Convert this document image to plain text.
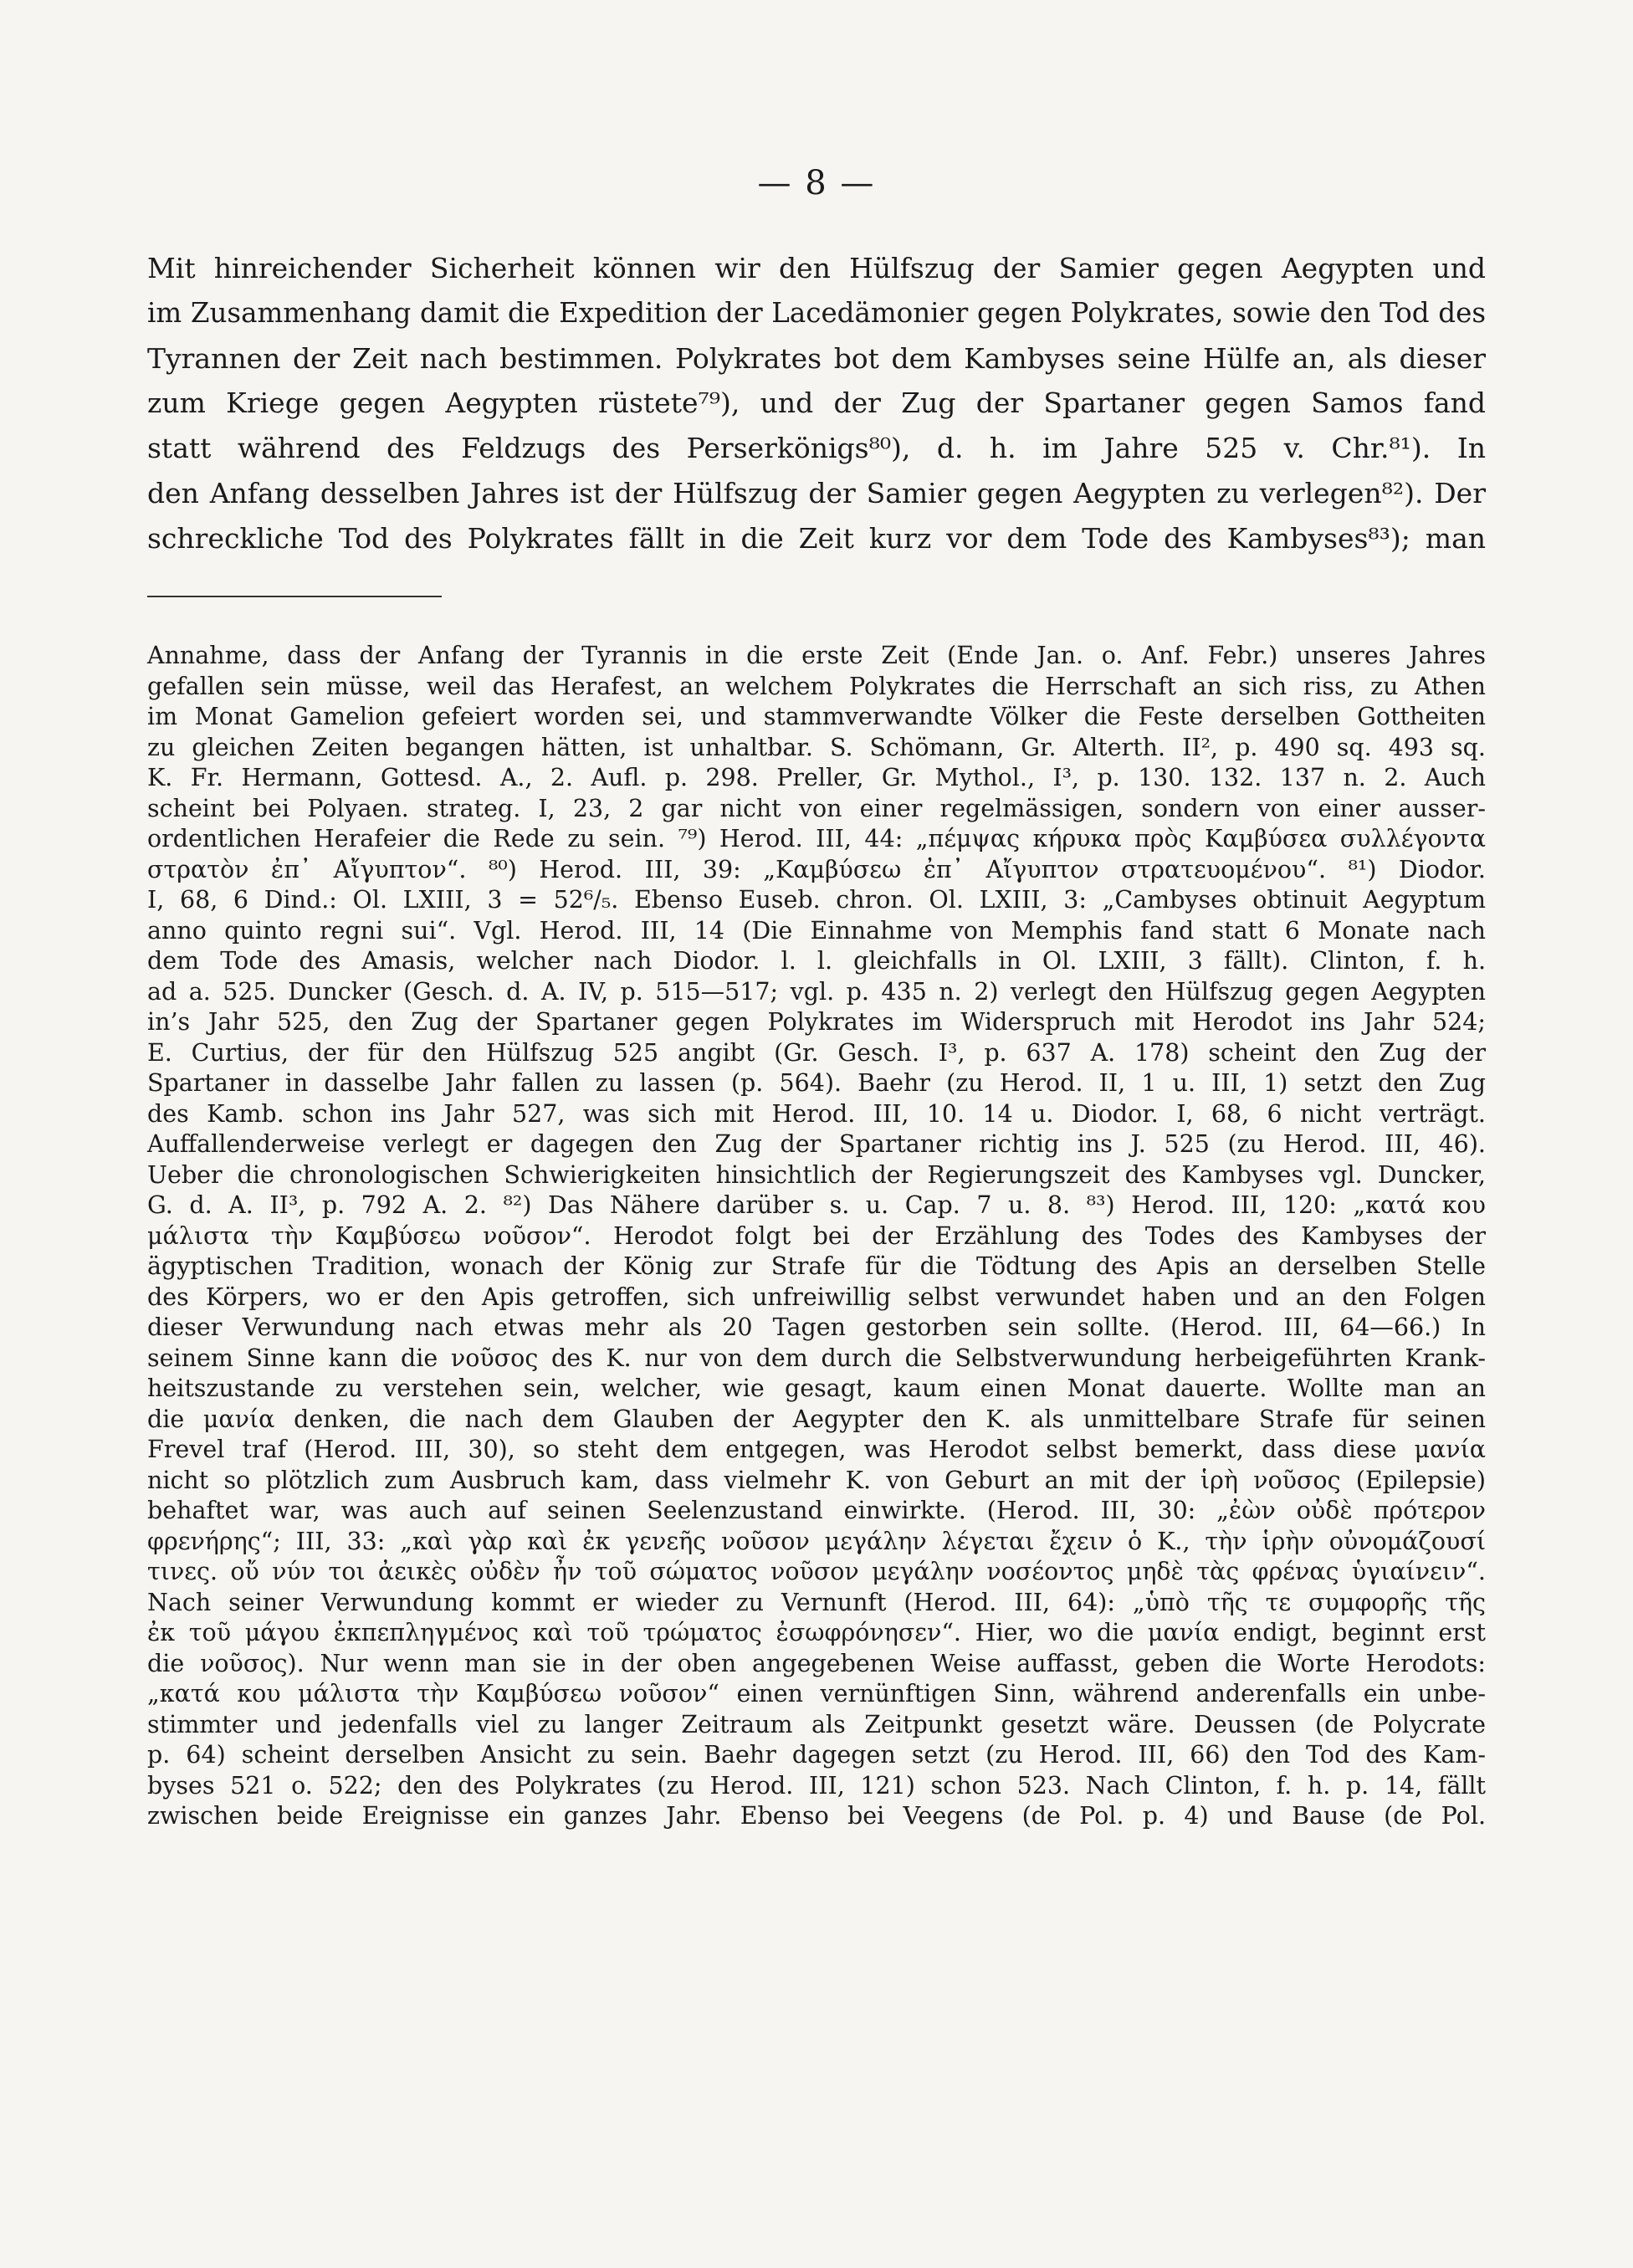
— 8 —
Mit hinreichender Sicherheit können wir den Hülfszug der Samier gegen Aegypten und
im Zusammenhang damit die Expedition der Lacedämonier gegen Polykrates, sowie den Tod des
Tyrannen der Zeit nach bestimmen. Polykrates bot dem Kambyses seine Hülfe an, als dieser
zum Kriege gegen Aegypten rüstete⁷⁹), und der Zug der Spartaner gegen Samos fand
statt während des Feldzugs des Perserkönigs⁸⁰), d. h. im Jahre 525 v. Chr.⁸¹). In
den Anfang desselben Jahres ist der Hülfszug der Samier gegen Aegypten zu verlegen⁸²). Der
schreckliche Tod des Polykrates fällt in die Zeit kurz vor dem Tode des Kambyses⁸³); man
Annahme, dass der Anfang der Tyrannis in die erste Zeit (Ende Jan. o. Anf. Febr.) unseres Jahres
gefallen sein müsse, weil das Herafest, an welchem Polykrates die Herrschaft an sich riss, zu Athen
im Monat Gamelion gefeiert worden sei, und stammverwandte Völker die Feste derselben Gottheiten
zu gleichen Zeiten begangen hätten, ist unhaltbar. S. Schömann, Gr. Alterth. II², p. 490 sq. 493 sq.
K. Fr. Hermann, Gottesd. A., 2. Aufl. p. 298. Preller, Gr. Mythol., I³, p. 130. 132. 137 n. 2. Auch
scheint bei Polyaen. strateg. I, 23, 2 gar nicht von einer regelmässigen, sondern von einer ausser-
ordentlichen Herafeier die Rede zu sein. ⁷⁹) Herod. III, 44: „πέμψας κήρυκα πρὸς Καμβύσεα συλλέγοντα
στρατὸν ἐπ᾽ Αἴγυπτον“. ⁸⁰) Herod. III, 39: „Καμβύσεω ἐπ᾽ Αἴγυπτον στρατευομένου“. ⁸¹) Diodor.
I, 68, 6 Dind.: Ol. LXIII, 3 = 52⁶/₅. Ebenso Euseb. chron. Ol. LXIII, 3: „Cambyses obtinuit Aegyptum
anno quinto regni sui“. Vgl. Herod. III, 14 (Die Einnahme von Memphis fand statt 6 Monate nach
dem Tode des Amasis, welcher nach Diodor. l. l. gleichfalls in Ol. LXIII, 3 fällt). Clinton, f. h.
ad a. 525. Duncker (Gesch. d. A. IV, p. 515—517; vgl. p. 435 n. 2) verlegt den Hülfszug gegen Aegypten
in’s Jahr 525, den Zug der Spartaner gegen Polykrates im Widerspruch mit Herodot ins Jahr 524;
E. Curtius, der für den Hülfszug 525 angibt (Gr. Gesch. I³, p. 637 A. 178) scheint den Zug der
Spartaner in dasselbe Jahr fallen zu lassen (p. 564). Baehr (zu Herod. II, 1 u. III, 1) setzt den Zug
des Kamb. schon ins Jahr 527, was sich mit Herod. III, 10. 14 u. Diodor. I, 68, 6 nicht verträgt.
Auffallenderweise verlegt er dagegen den Zug der Spartaner richtig ins J. 525 (zu Herod. III, 46).
Ueber die chronologischen Schwierigkeiten hinsichtlich der Regierungszeit des Kambyses vgl. Duncker,
G. d. A. II³, p. 792 A. 2. ⁸²) Das Nähere darüber s. u. Cap. 7 u. 8. ⁸³) Herod. III, 120: „κατά κου
μάλιστα τὴν Καμβύσεω νοῦσον“. Herodot folgt bei der Erzählung des Todes des Kambyses der
ägyptischen Tradition, wonach der König zur Strafe für die Tödtung des Apis an derselben Stelle
des Körpers, wo er den Apis getroffen, sich unfreiwillig selbst verwundet haben und an den Folgen
dieser Verwundung nach etwas mehr als 20 Tagen gestorben sein sollte. (Herod. III, 64—66.) In
seinem Sinne kann die νοῦσος des K. nur von dem durch die Selbstverwundung herbeigeführten Krank-
heitszustande zu verstehen sein, welcher, wie gesagt, kaum einen Monat dauerte. Wollte man an
die μανία denken, die nach dem Glauben der Aegypter den K. als unmittelbare Strafe für seinen
Frevel traf (Herod. III, 30), so steht dem entgegen, was Herodot selbst bemerkt, dass diese μανία
nicht so plötzlich zum Ausbruch kam, dass vielmehr K. von Geburt an mit der ἱρὴ νοῦσος (Epilepsie)
behaftet war, was auch auf seinen Seelenzustand einwirkte. (Herod. III, 30: „ἐὼν οὐδὲ πρότερον
φρενήρης“; III, 33: „καὶ γὰρ καὶ ἐκ γενεῆς νοῦσον μεγάλην λέγεται ἔχειν ὁ Κ., τὴν ἱρὴν οὐνομάζουσί
τινες. οὔ νύν τοι ἀεικὲς οὐδὲν ἦν τοῦ σώματος νοῦσον μεγάλην νοσέοντος μηδὲ τὰς φρένας ὑγιαίνειν“.
Nach seiner Verwundung kommt er wieder zu Vernunft (Herod. III, 64): „ὑπὸ τῆς τε συμφορῆς τῆς
ἐκ τοῦ μάγου ἐκπεπληγμένος καὶ τοῦ τρώματος ἐσωφρόνησεν“. Hier, wo die μανία endigt, beginnt erst
die νοῦσος). Nur wenn man sie in der oben angegebenen Weise auffasst, geben die Worte Herodots:
„κατά κου μάλιστα τὴν Καμβύσεω νοῦσον“ einen vernünftigen Sinn, während anderenfalls ein unbe-
stimmter und jedenfalls viel zu langer Zeitraum als Zeitpunkt gesetzt wäre. Deussen (de Polycrate
p. 64) scheint derselben Ansicht zu sein. Baehr dagegen setzt (zu Herod. III, 66) den Tod des Kam-
byses 521 o. 522; den des Polykrates (zu Herod. III, 121) schon 523. Nach Clinton, f. h. p. 14, fällt
zwischen beide Ereignisse ein ganzes Jahr. Ebenso bei Veegens (de Pol. p. 4) und Bause (de Pol.
